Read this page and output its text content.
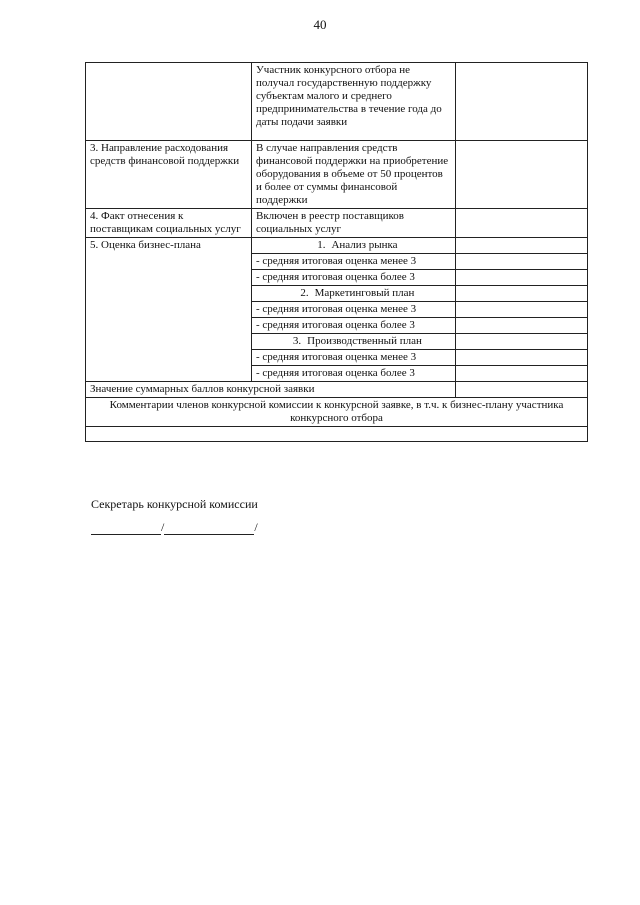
40
	Участник конкурсного отбора не получал государственную поддержку субъектам малого и среднего предпринимательства в течение года до даты подачи заявки	
3. Направление расходования средств финансовой поддержки	В случае направления средств финансовой поддержки на приобретение оборудования в объеме от 50 процентов и более от суммы финансовой поддержки	
4. Факт отнесения к поставщикам социальных услуг	Включен в реестр поставщиков социальных услуг	
5. Оценка бизнес-плана	1. Анализ рынка	
	- средняя итоговая оценка менее 3	
	- средняя итоговая оценка более 3	
	2. Маркетинговый план	
	- средняя итоговая оценка менее 3	
	- средняя итоговая оценка более 3	
	3. Производственный план	
	- средняя итоговая оценка менее 3	
	- средняя итоговая оценка более 3	
Значение суммарных баллов конкурсной заявки		
Комментарии членов конкурсной комиссии к конкурсной заявке, в т.ч. к бизнес-плану участника конкурсного отбора		

Секретарь конкурсной комиссии
/	/
